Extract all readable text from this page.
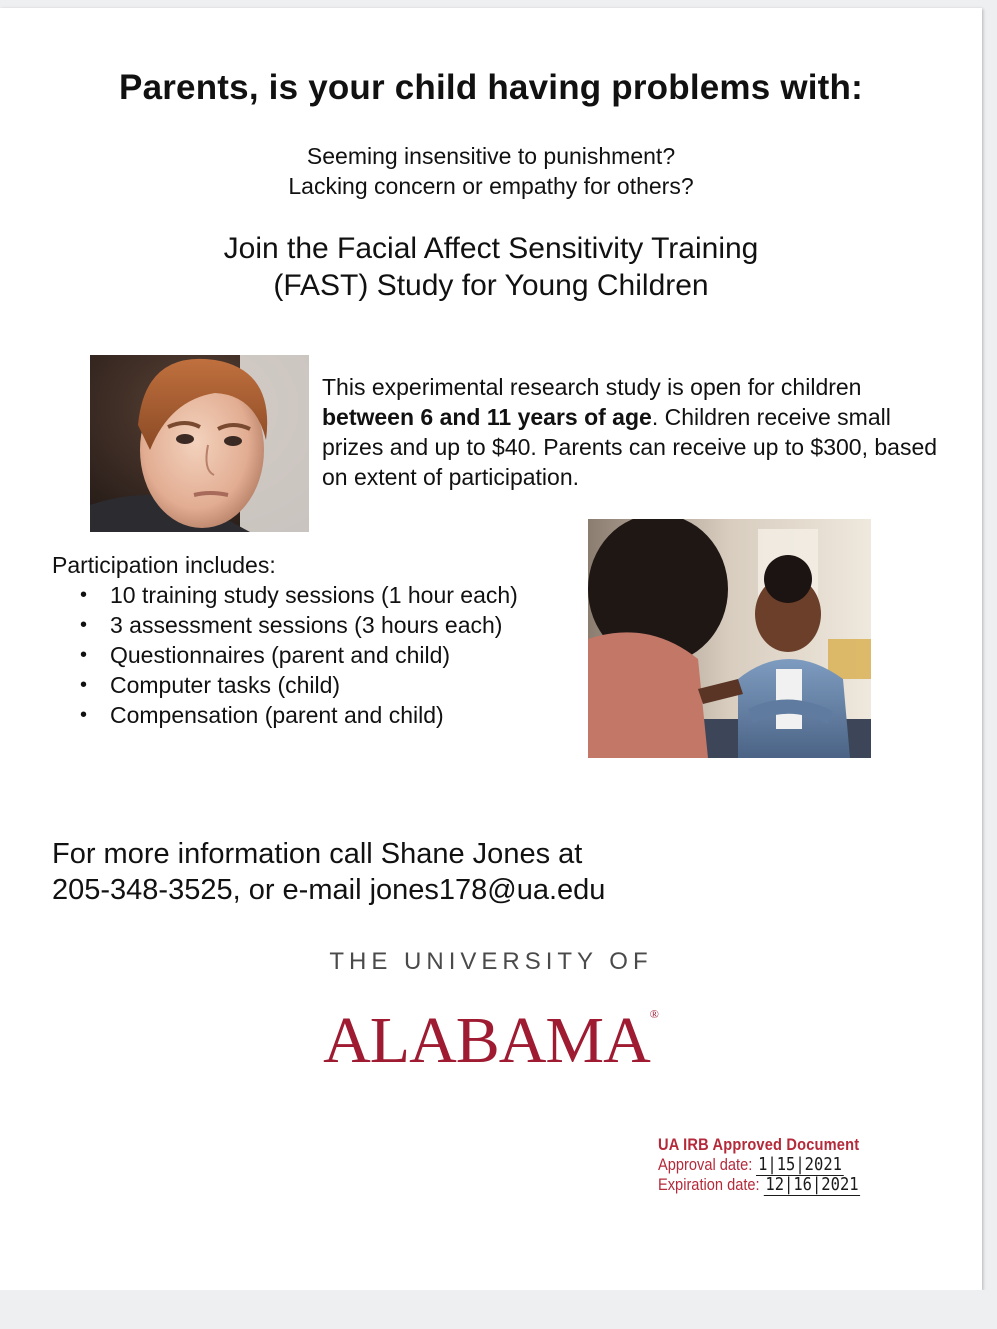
Parents, is your child having problems with:
Seeming insensitive to punishment?
Lacking concern or empathy for others?
Join the Facial Affect Sensitivity Training
(FAST) Study for Young Children

This experimental research study is open for children between 6 and 11 years of age. Children receive small prizes and up to $40. Parents can receive up to $300, based on extent of participation.

Participation includes:
• 10 training study sessions (1 hour each)
• 3 assessment sessions (3 hours each)
• Questionnaires (parent and child)
• Computer tasks (child)
• Compensation (parent and child)
For more information call Shane Jones at
205-348-3525, or e-mail jones178@ua.edu
THE UNIVERSITY OF
ALABAMA®
UA IRB Approved Document
Approval date: 1|15|2021
Expiration date: 12|16|2021
